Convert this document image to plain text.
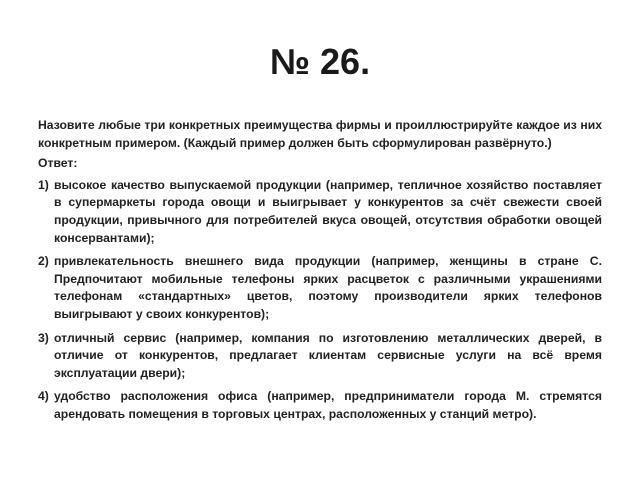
№ 26.

Назовите любые три конкретных преимущества фирмы и проиллюстрируйте каждое из них конкретным примером. (Каждый пример должен быть сформулирован развёрнуто.)

Ответ:

1) высокое качество выпускаемой продукции (например, тепличное хозяйство поставляет в супермаркеты города овощи и выигрывает у конкурентов за счёт свежести своей продукции, привычного для потребителей вкуса овощей, отсутствия обработки овощей консервантами);
2) привлекательность внешнего вида продукции (например, женщины в стране С. Предпочитают мобильные телефоны ярких расцветок с различными украшениями телефонам «стандартных» цветов, поэтому производители ярких телефонов выигрывают у своих конкурентов);
3) отличный сервис (например, компания по изготовлению металлических дверей, в отличие от конкурентов, предлагает клиентам сервисные услуги на всё время эксплуатации двери);
4) удобство расположения офиса (например, предприниматели города М. стремятся арендовать помещения в торговых центрах, расположенных у станций метро).
